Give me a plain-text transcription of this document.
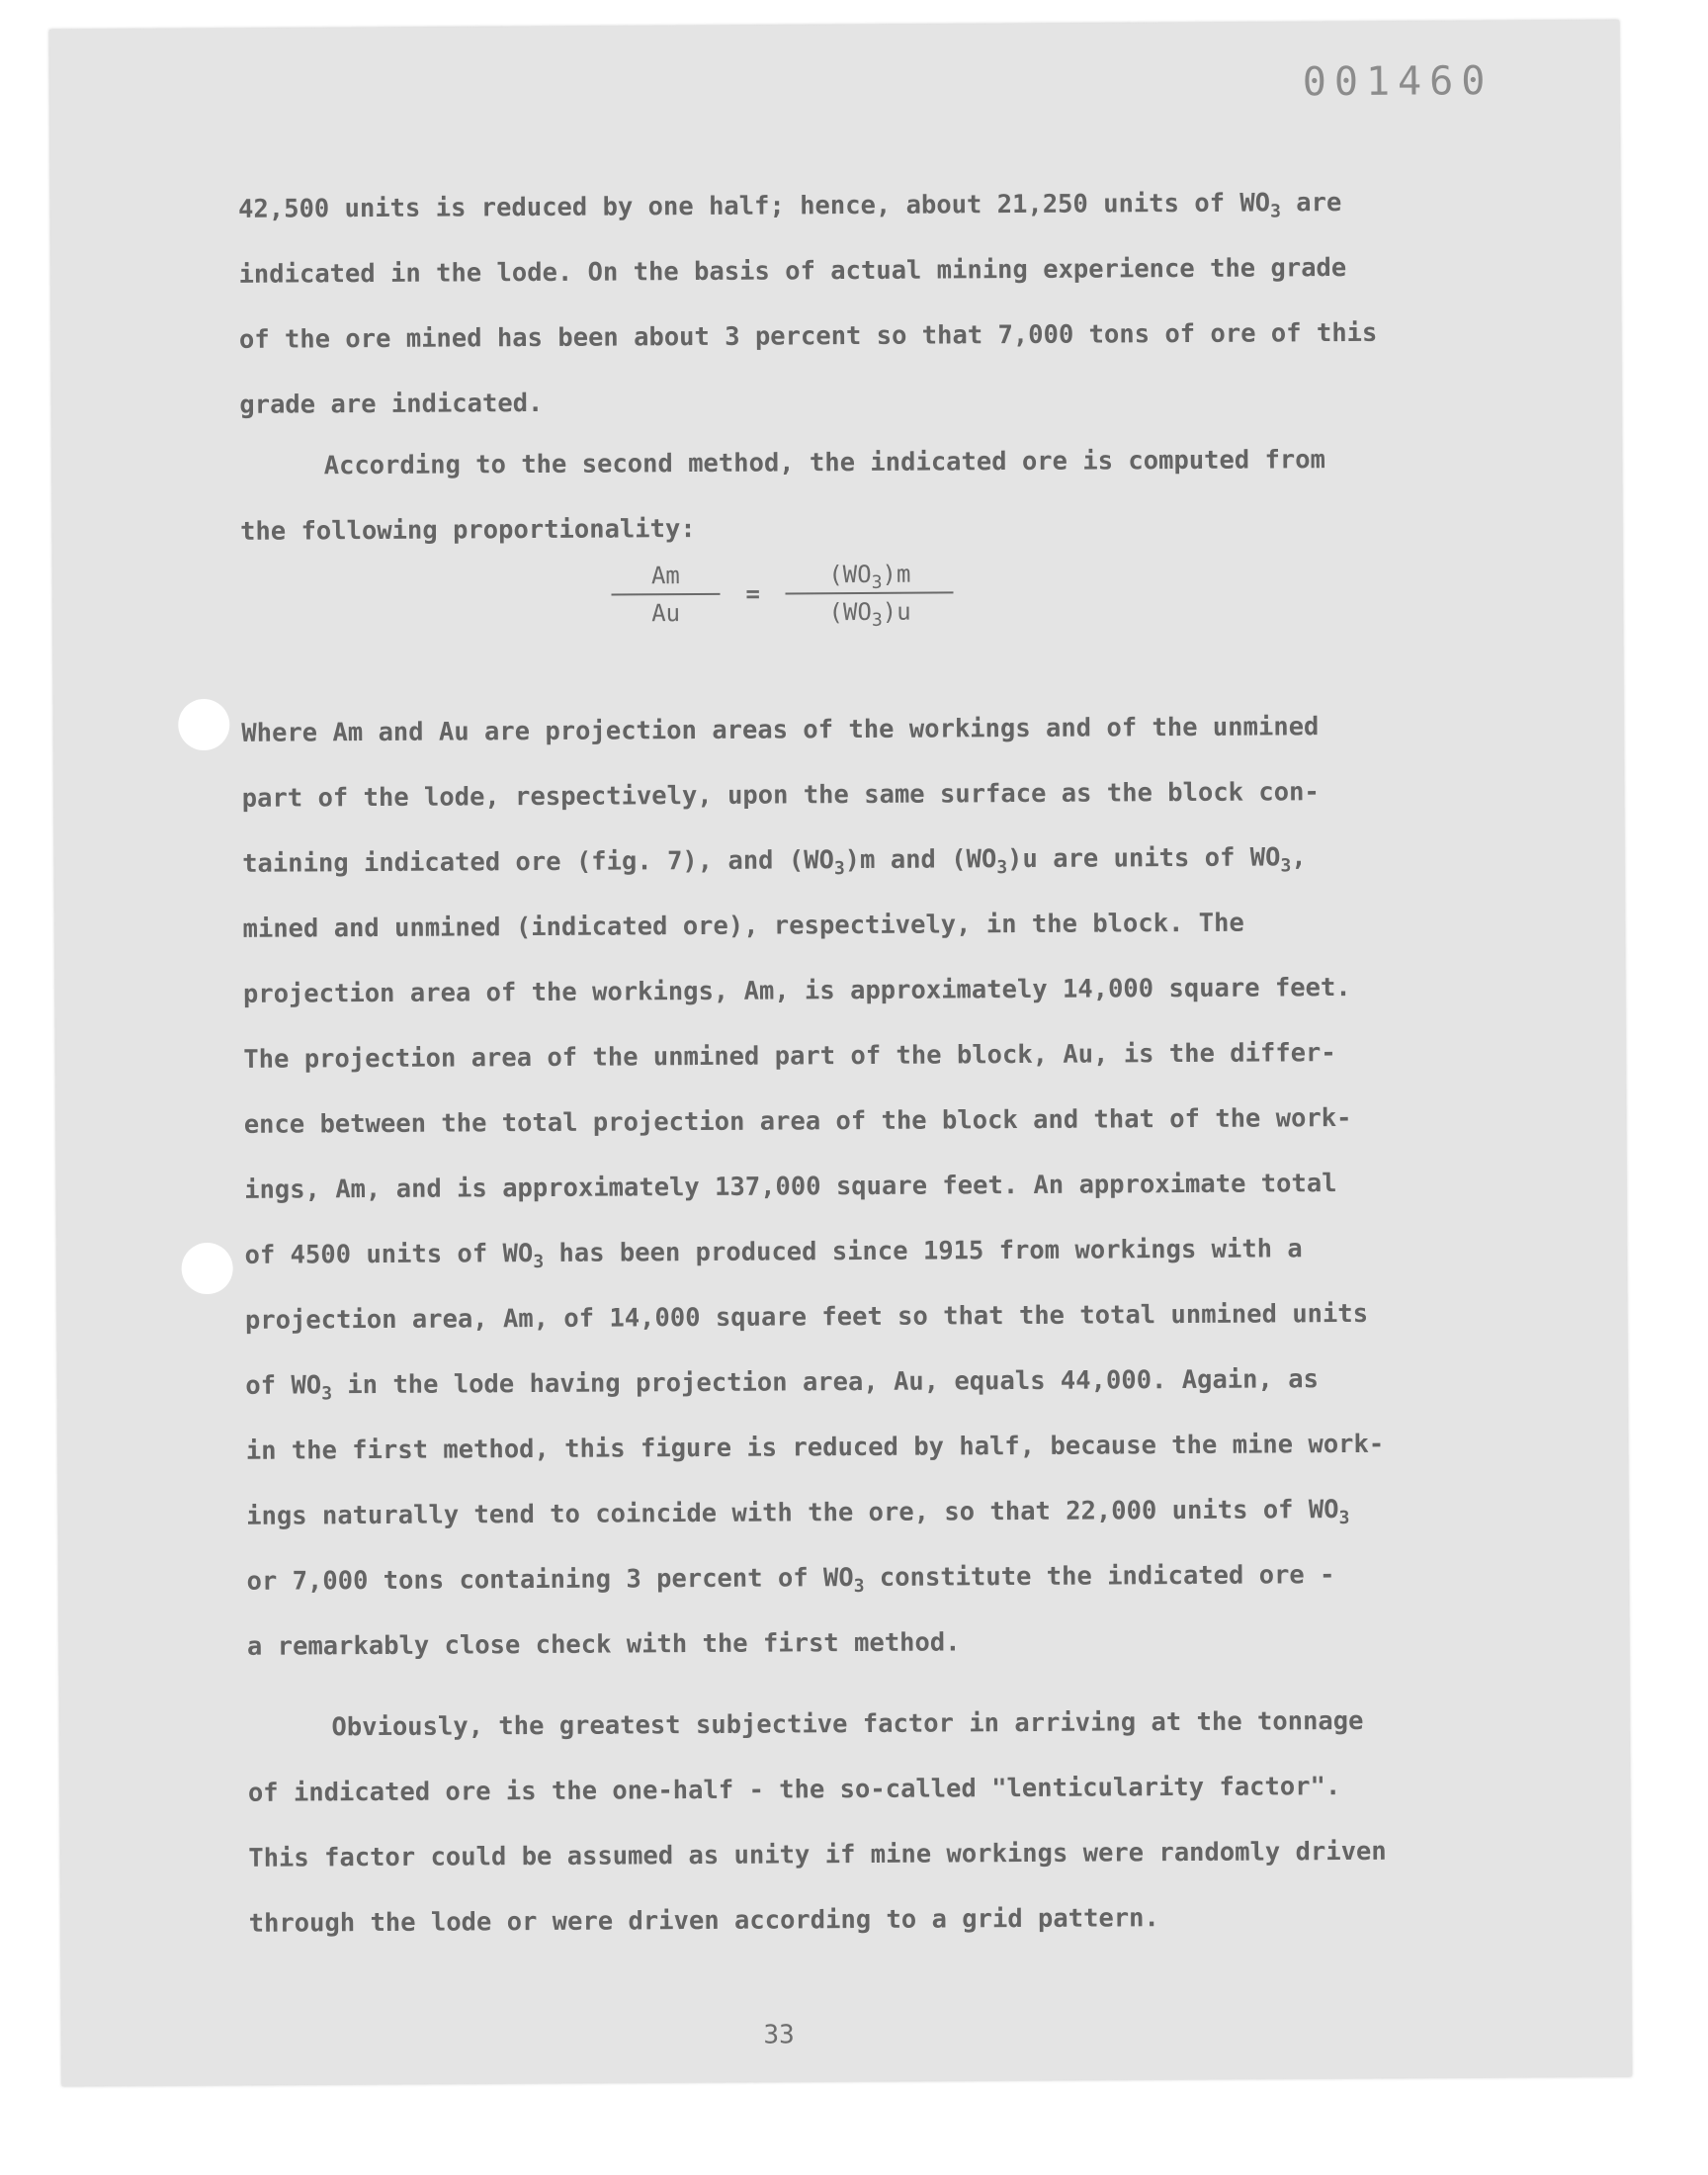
001460
42,500 units is reduced by one half; hence, about 21,250 units of $WO_3$ are
indicated in the lode. On the basis of actual mining experience the grade
of the ore mined has been about 3 percent so that 7,000 tons of ore of this
grade are indicated.
According to the second method, the indicated ore is computed from
the following proportionality:
$\frac{Am}{Au} = \frac{(WO_3)m}{(WO_3)u}$
Where Am and Au are projection areas of the workings and of the unmined
part of the lode, respectively, upon the same surface as the block con-
taining indicated ore (fig. 7), and $(WO_3)m$ and $(WO_3)u$ are units of $WO_3$,
mined and unmined (indicated ore), respectively, in the block. The
projection area of the workings, Am, is approximately 14,000 square feet.
The projection area of the unmined part of the block, Au, is the differ-
ence between the total projection area of the block and that of the work-
ings, Am, and is approximately 137,000 square feet. An approximate total
of 4500 units of $WO_3$ has been produced since 1915 from workings with a
projection area, Am, of 14,000 square feet so that the total unmined units
of $WO_3$ in the lode having projection area, Au, equals 44,000. Again, as
in the first method, this figure is reduced by half, because the mine work-
ings naturally tend to coincide with the ore, so that 22,000 units of $WO_3$
or 7,000 tons containing 3 percent of $WO_3$ constitute the indicated ore -
a remarkably close check with the first method.
Obviously, the greatest subjective factor in arriving at the tonnage
of indicated ore is the one-half - the so-called "lenticularity factor".
This factor could be assumed as unity if mine workings were randomly driven
through the lode or were driven according to a grid pattern.
33
